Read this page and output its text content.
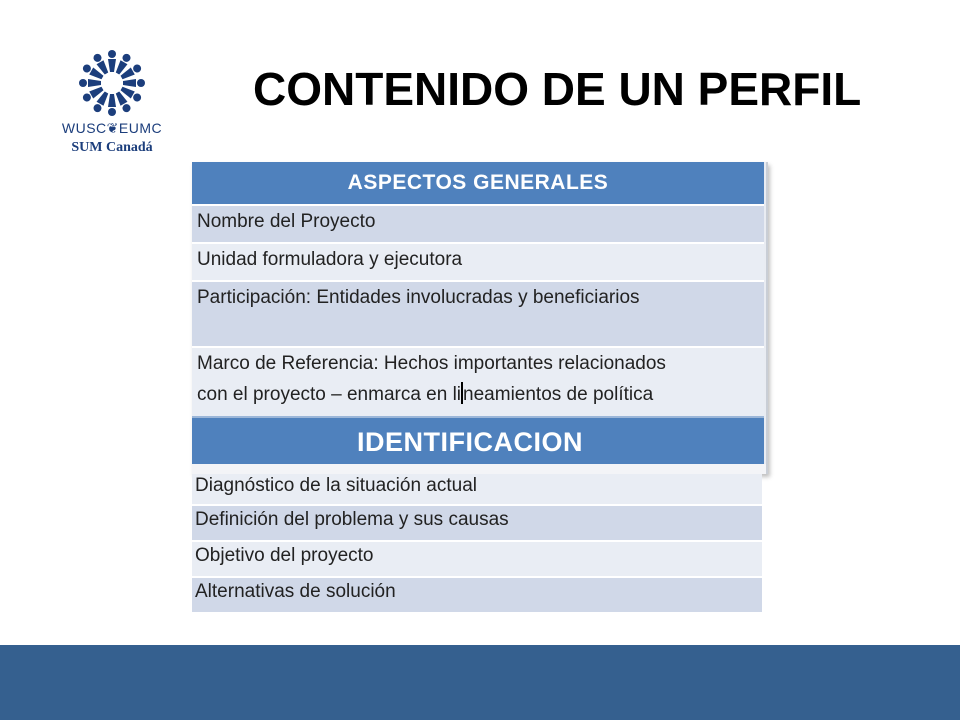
WUSC❦EUMC
SUM Canadá
CONTENIDO DE UN PERFIL
ASPECTOS GENERALES
Nombre del Proyecto
Unidad formuladora y ejecutora
Participación: Entidades involucradas y beneficiarios
Marco de Referencia: Hechos importantes relacionados
con el proyecto – enmarca en li neamientos de política
IDENTIFICACION
Diagnóstico de la situación actual
Definición del problema y sus causas
Objetivo del proyecto
Alternativas de solución
